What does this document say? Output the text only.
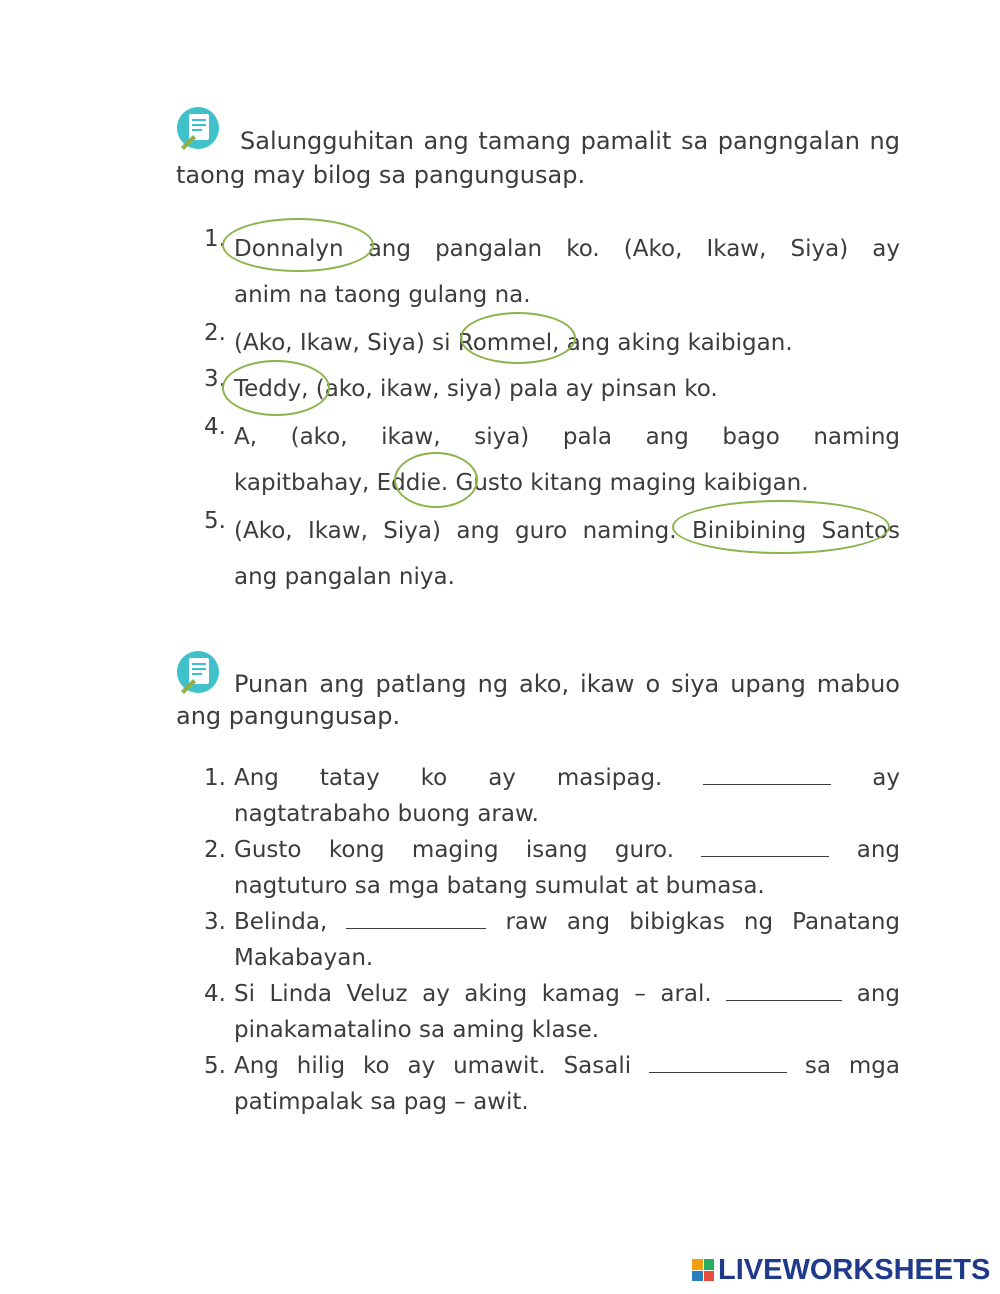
Salungguhitan ang tamang pamalit sa pangngalan ng taong may bilog sa pangungusap.
1. Donnalyn ang pangalan ko. (Ako, Ikaw, Siya) ay
anim na taong gulang na.
2. (Ako, Ikaw, Siya) si Rommel, ang aking kaibigan.
3. Teddy, (ako, ikaw, siya) pala ay pinsan ko.
4. A, (ako, ikaw, siya) pala ang bago naming
kapitbahay, Eddie. Gusto kitang maging kaibigan.
5. (Ako, Ikaw, Siya) ang guro naming. Binibining Santos
ang pangalan niya.
Punan ang patlang ng ako, ikaw o siya upang mabuo ang pangungusap.
1. Ang tatay ko ay masipag.	ay
nagtatrabaho buong araw.
2. Gusto kong maging isang guro.	ang
nagtuturo sa mga batang sumulat at bumasa.
3. Belinda,	raw ang bibigkas ng Panatang
Makabayan.
4. Si Linda Veluz ay aking kamag – aral.	ang
pinakamatalino sa aming klase.
5. Ang hilig ko ay umawit. Sasali	sa mga
patimpalak sa pag – awit.
LIVEWORKSHEETS
